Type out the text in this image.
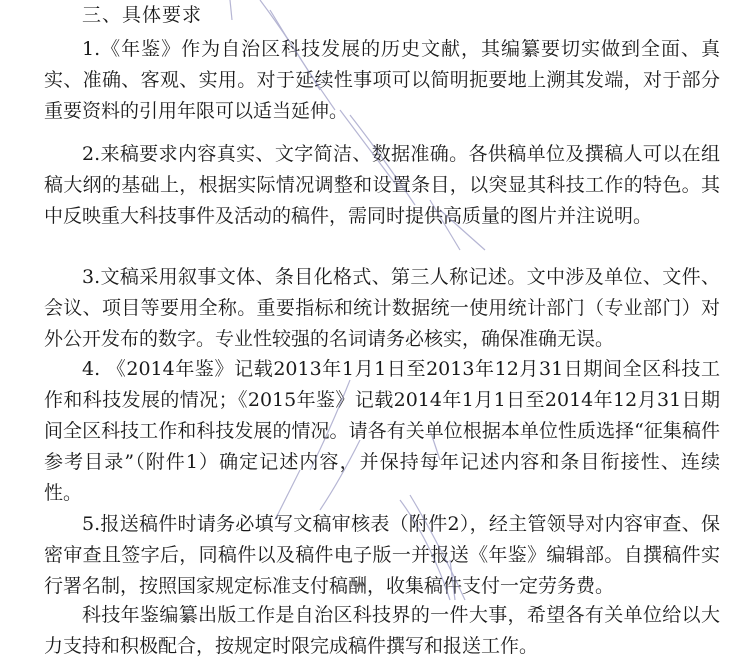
三、具体要求

1.《年鉴》作为自治区科技发展的历史文献，其编纂要切实做到全面、真实、准确、客观、实用。对于延续性事项可以简明扼要地上溯其发端，对于部分重要资料的引用年限可以适当延伸。

2.来稿要求内容真实、文字简洁、数据准确。各供稿单位及撰稿人可以在组稿大纲的基础上，根据实际情况调整和设置条目，以突显其科技工作的特色。其中反映重大科技事件及活动的稿件，需同时提供高质量的图片并注说明。

3.文稿采用叙事文体、条目化格式、第三人称记述。文中涉及单位、文件、会议、项目等要用全称。重要指标和统计数据统一使用统计部门（专业部门）对外公开发布的数字。专业性较强的名词请务必核实，确保准确无误。

4. 《2014年鉴》记载2013年1月1日至2013年12月31日期间全区科技工作和科技发展的情况；《2015年鉴》记载2014年1月1日至2014年12月31日期间全区科技工作和科技发展的情况。请各有关单位根据本单位性质选择“征集稿件参考目录”（附件1）确定记述内容，并保持每年记述内容和条目衔接性、连续性。

5.报送稿件时请务必填写文稿审核表（附件2），经主管领导对内容审查、保密审查且签字后，同稿件以及稿件电子版一并报送《年鉴》编辑部。自撰稿件实行署名制，按照国家规定标准支付稿酬，收集稿件支付一定劳务费。

科技年鉴编纂出版工作是自治区科技界的一件大事，希望各有关单位给以大力支持和积极配合，按规定时限完成稿件撰写和报送工作。
